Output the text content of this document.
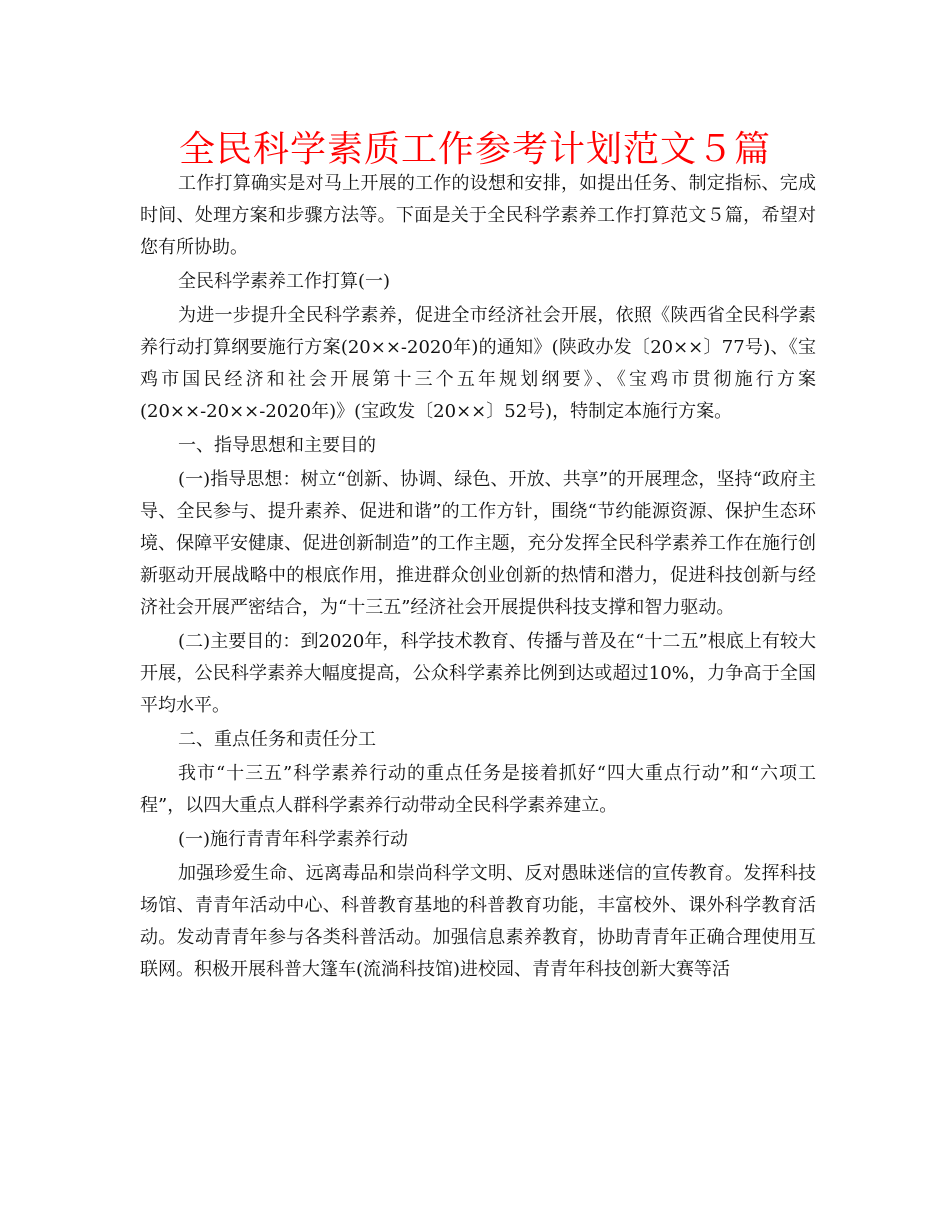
全民科学素质工作参考计划范文５篇

工作打算确实是对马上开展的工作的设想和安排，如提出任务、制定指标、完成时间、处理方案和步骤方法等。下面是关于全民科学素养工作打算范文５篇，希望对您有所协助。

全民科学素养工作打算(一)

为进一步提升全民科学素养，促进全市经济社会开展，依照《陕西省全民科学素养行动打算纲要施行方案(20××-2020年)的通知》(陕政办发〔20××〕77号)、《宝鸡市国民经济和社会开展第十三个五年规划纲要》、《宝鸡市贯彻施行方案(20××-20××-2020年)》(宝政发〔20××〕52号)，特制定本施行方案。

一、指导思想和主要目的

(一)指导思想：树立“创新、协调、绿色、开放、共享”的开展理念，坚持“政府主导、全民参与、提升素养、促进和谐”的工作方针，围绕“节约能源资源、保护生态环境、保障平安健康、促进创新制造”的工作主题，充分发挥全民科学素养工作在施行创新驱动开展战略中的根底作用，推进群众创业创新的热情和潜力，促进科技创新与经济社会开展严密结合，为“十三五”经济社会开展提供科技支撑和智力驱动。

(二)主要目的：到2020年，科学技术教育、传播与普及在“十二五”根底上有较大开展，公民科学素养大幅度提高，公众科学素养比例到达或超过10%，力争高于全国平均水平。

二、重点任务和责任分工

我市“十三五”科学素养行动的重点任务是接着抓好“四大重点行动”和“六项工程”，以四大重点人群科学素养行动带动全民科学素养建立。

(一)施行青青年科学素养行动

加强珍爱生命、远离毒品和崇尚科学文明、反对愚昧迷信的宣传教育。发挥科技场馆、青青年活动中心、科普教育基地的科普教育功能，丰富校外、课外科学教育活动。发动青青年参与各类科普活动。加强信息素养教育，协助青青年正确合理使用互联网。积极开展科普大篷车(流淌科技馆)进校园、青青年科技创新大赛等活
